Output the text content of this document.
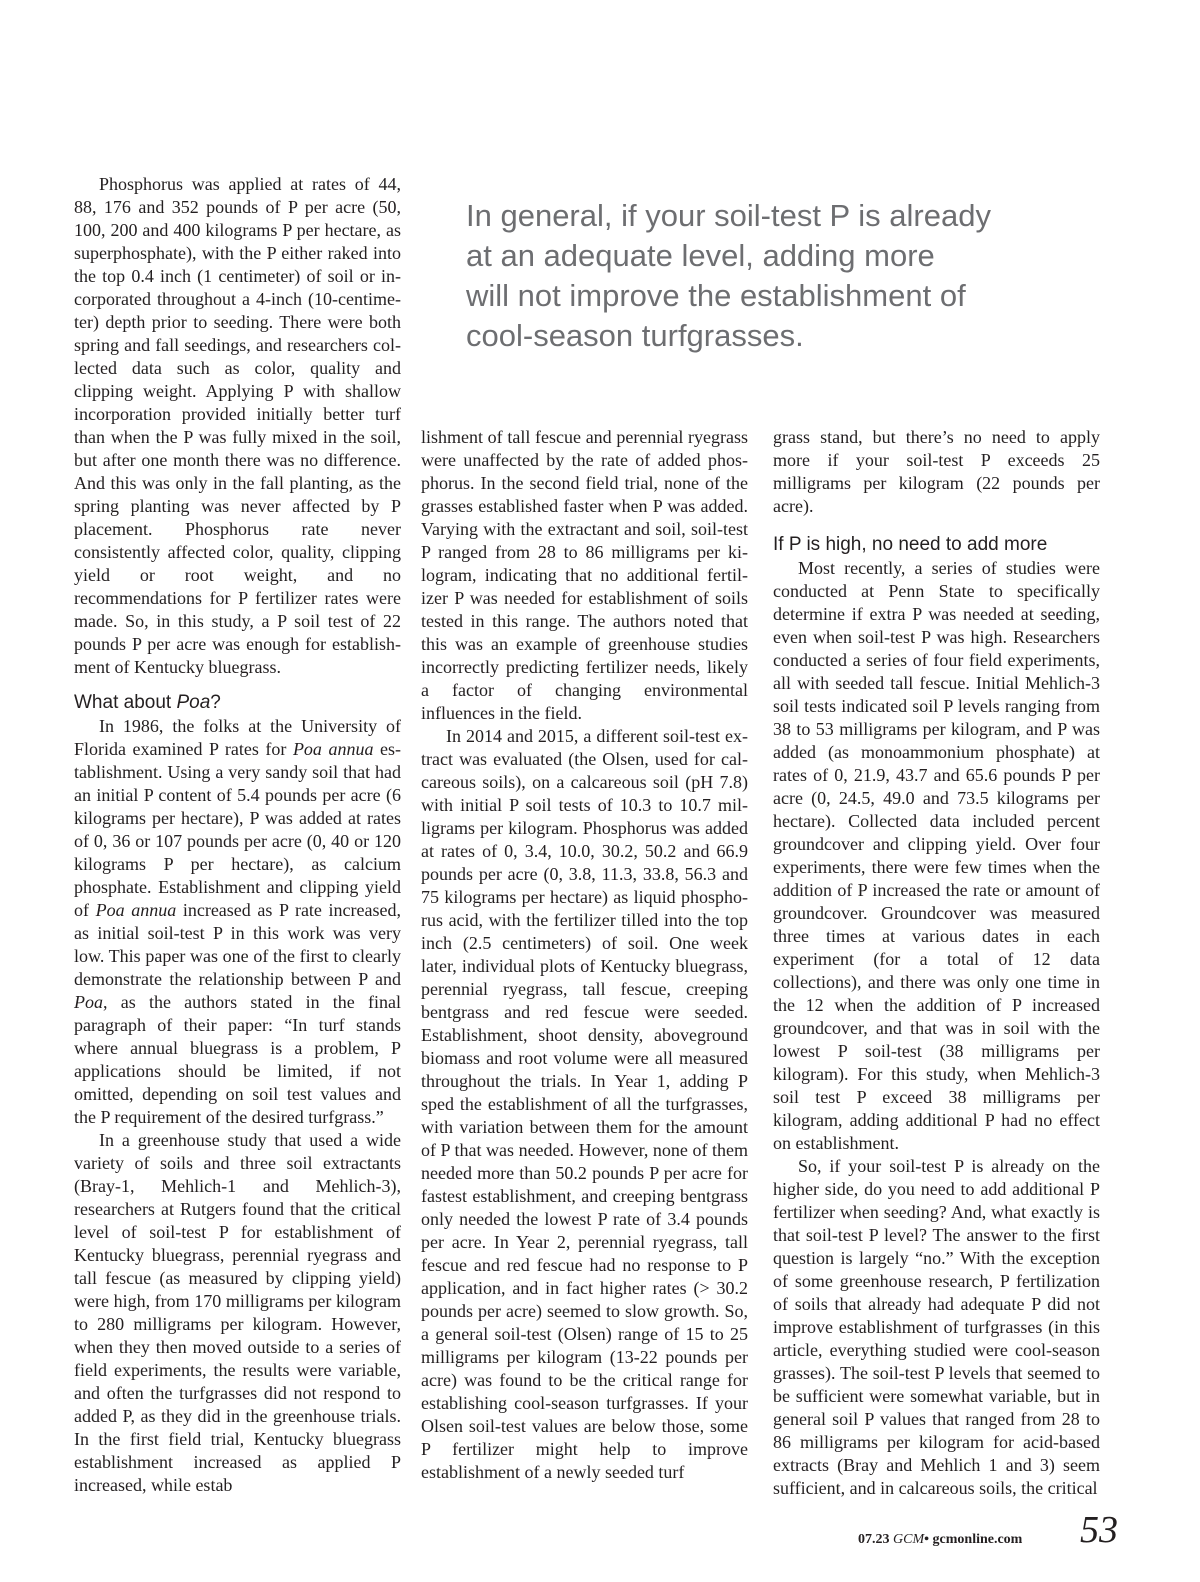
In general, if your soil-test P is already
at an adequate level, adding more
will not improve the establishment of
cool-season turfgrasses.

Phosphorus was applied at rates of 44, 88, 176 and 352 pounds of P per acre (50, 100, 200 and 400 kilograms P per hectare, as superphosphate), with the P either raked into the top 0.4 inch (1 centimeter) of soil or incorporated throughout a 4-inch (10-centimeter) depth prior to seeding. There were both spring and fall seedings, and researchers collected data such as color, quality and clipping weight. Applying P with shallow incorporation provided initially better turf than when the P was fully mixed in the soil, but after one month there was no difference. And this was only in the fall planting, as the spring planting was never affected by P placement. Phosphorus rate never consistently affected color, quality, clipping yield or root weight, and no recommendations for P fertilizer rates were made. So, in this study, a P soil test of 22 pounds P per acre was enough for establishment of Kentucky bluegrass.

What about Poa?

In 1986, the folks at the University of Florida examined P rates for Poa annua establishment. Using a very sandy soil that had an initial P content of 5.4 pounds per acre (6 kilograms per hectare), P was added at rates of 0, 36 or 107 pounds per acre (0, 40 or 120 kilograms P per hectare), as calcium phosphate. Establishment and clipping yield of Poa annua increased as P rate increased, as initial soil-test P in this work was very low. This paper was one of the first to clearly demonstrate the relationship between P and Poa, as the authors stated in the final paragraph of their paper: “In turf stands where annual bluegrass is a problem, P applications should be limited, if not omitted, depending on soil test values and the P requirement of the desired turfgrass.”

In a greenhouse study that used a wide variety of soils and three soil extractants (Bray-1, Mehlich-1 and Mehlich-3), researchers at Rutgers found that the critical level of soil-test P for establishment of Kentucky bluegrass, perennial ryegrass and tall fescue (as measured by clipping yield) were high, from 170 milligrams per kilogram to 280 milligrams per kilogram. However, when they then moved outside to a series of field experiments, the results were variable, and often the turfgrasses did not respond to added P, as they did in the greenhouse trials. In the first field trial, Kentucky bluegrass establishment increased as applied P increased, while estab

lishment of tall fescue and perennial ryegrass were unaffected by the rate of added phosphorus. In the second field trial, none of the grasses established faster when P was added. Varying with the extractant and soil, soil-test P ranged from 28 to 86 milligrams per kilogram, indicating that no additional fertilizer P was needed for establishment of soils tested in this range. The authors noted that this was an example of greenhouse studies incorrectly predicting fertilizer needs, likely a factor of changing environmental influences in the field.

In 2014 and 2015, a different soil-test extract was evaluated (the Olsen, used for calcareous soils), on a calcareous soil (pH 7.8) with initial P soil tests of 10.3 to 10.7 milligrams per kilogram. Phosphorus was added at rates of 0, 3.4, 10.0, 30.2, 50.2 and 66.9 pounds per acre (0, 3.8, 11.3, 33.8, 56.3 and 75 kilograms per hectare) as liquid phosphorus acid, with the fertilizer tilled into the top inch (2.5 centimeters) of soil. One week later, individual plots of Kentucky bluegrass, perennial ryegrass, tall fescue, creeping bentgrass and red fescue were seeded. Establishment, shoot density, aboveground biomass and root volume were all measured throughout the trials. In Year 1, adding P sped the establishment of all the turfgrasses, with variation between them for the amount of P that was needed. However, none of them needed more than 50.2 pounds P per acre for fastest establishment, and creeping bentgrass only needed the lowest P rate of 3.4 pounds per acre. In Year 2, perennial ryegrass, tall fescue and red fescue had no response to P application, and in fact higher rates (> 30.2 pounds per acre) seemed to slow growth. So, a general soil-test (Olsen) range of 15 to 25 milligrams per kilogram (13-22 pounds per acre) was found to be the critical range for establishing cool-season turfgrasses. If your Olsen soil-test values are below those, some P fertilizer might help to improve establishment of a newly seeded turf

grass stand, but there’s no need to apply more if your soil-test P exceeds 25 milligrams per kilogram (22 pounds per acre).

If P is high, no need to add more

Most recently, a series of studies were conducted at Penn State to specifically determine if extra P was needed at seeding, even when soil-test P was high. Researchers conducted a series of four field experiments, all with seeded tall fescue. Initial Mehlich-3 soil tests indicated soil P levels ranging from 38 to 53 milligrams per kilogram, and P was added (as monoammonium phosphate) at rates of 0, 21.9, 43.7 and 65.6 pounds P per acre (0, 24.5, 49.0 and 73.5 kilograms per hectare). Collected data included percent groundcover and clipping yield. Over four experiments, there were few times when the addition of P increased the rate or amount of groundcover. Groundcover was measured three times at various dates in each experiment (for a total of 12 data collections), and there was only one time in the 12 when the addition of P increased groundcover, and that was in soil with the lowest P soil-test (38 milligrams per kilogram). For this study, when Mehlich-3 soil test P exceed 38 milligrams per kilogram, adding additional P had no effect on establishment.

So, if your soil-test P is already on the higher side, do you need to add additional P fertilizer when seeding? And, what exactly is that soil-test P level? The answer to the first question is largely “no.” With the exception of some greenhouse research, P fertilization of soils that already had adequate P did not improve establishment of turfgrasses (in this article, everything studied were cool-season grasses). The soil-test P levels that seemed to be sufficient were somewhat variable, but in general soil P values that ranged from 28 to 86 milligrams per kilogram for acid-based extracts (Bray and Mehlich 1 and 3) seem sufficient, and in calcareous soils, the critical

07.23 GCM• gcmonline.com 53
